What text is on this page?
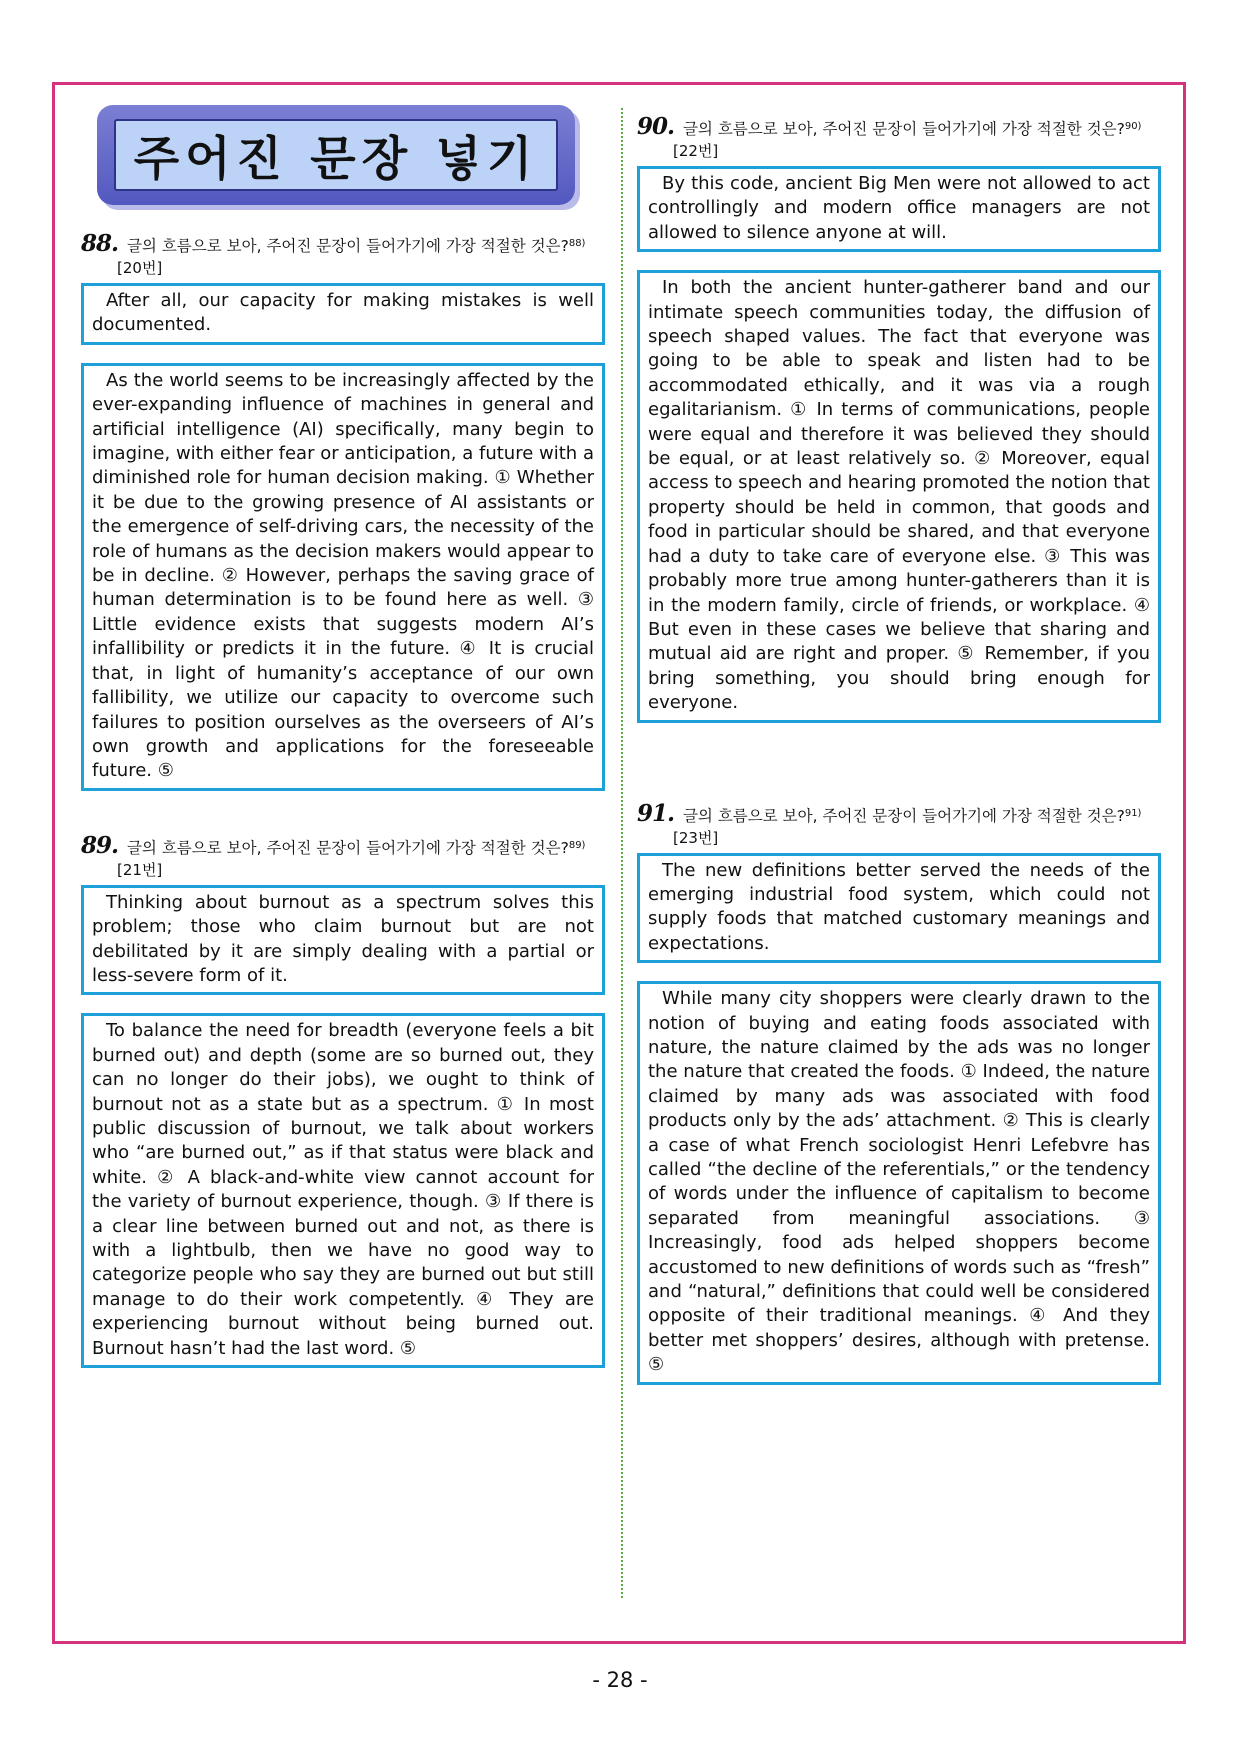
주어진 문장 넣기
88. 글의 흐름으로 보아, 주어진 문장이 들어가기에 가장 적절한 것은?$^{88)}$
[20번]
After all, our capacity for making mistakes is well documented.
As the world seems to be increasingly affected by the ever-expanding influence of machines in general and artificial intelligence (AI) specifically, many begin to imagine, with either fear or anticipation, a future with a diminished role for human decision making. ① Whether it be due to the growing presence of AI assistants or the emergence of self-driving cars, the necessity of the role of humans as the decision makers would appear to be in decline. ② However, perhaps the saving grace of human determination is to be found here as well. ③ Little evidence exists that suggests modern AI’s infallibility or predicts it in the future. ④ It is crucial that, in light of humanity’s acceptance of our own fallibility, we utilize our capacity to overcome such failures to position ourselves as the overseers of AI’s own growth and applications for the foreseeable future. ⑤
89. 글의 흐름으로 보아, 주어진 문장이 들어가기에 가장 적절한 것은?$^{89)}$
[21번]
Thinking about burnout as a spectrum solves this problem; those who claim burnout but are not debilitated by it are simply dealing with a partial or less-severe form of it.
To balance the need for breadth (everyone feels a bit burned out) and depth (some are so burned out, they can no longer do their jobs), we ought to think of burnout not as a state but as a spectrum. ① In most public discussion of burnout, we talk about workers who “are burned out,” as if that status were black and white. ② A black-and-white view cannot account for the variety of burnout experience, though. ③ If there is a clear line between burned out and not, as there is with a lightbulb, then we have no good way to categorize people who say they are burned out but still manage to do their work competently. ④ They are experiencing burnout without being burned out. Burnout hasn’t had the last word. ⑤
90. 글의 흐름으로 보아, 주어진 문장이 들어가기에 가장 적절한 것은?$^{90)}$[22번]
By this code, ancient Big Men were not allowed to act controllingly and modern office managers are not allowed to silence anyone at will.
In both the ancient hunter-gatherer band and our intimate speech communities today, the diffusion of speech shaped values. The fact that everyone was going to be able to speak and listen had to be accommodated ethically, and it was via a rough egalitarianism. ① In terms of communications, people were equal and therefore it was believed they should be equal, or at least relatively so. ② Moreover, equal access to speech and hearing promoted the notion that property should be held in common, that goods and food in particular should be shared, and that everyone had a duty to take care of everyone else. ③ This was probably more true among hunter-gatherers than it is in the modern family, circle of friends, or workplace. ④ But even in these cases we believe that sharing and mutual aid are right and proper. ⑤ Remember, if you bring something, you should bring enough for everyone.
91. 글의 흐름으로 보아, 주어진 문장이 들어가기에 가장 적절한 것은?$^{91)}$
[23번]
The new definitions better served the needs of the emerging industrial food system, which could not supply foods that matched customary meanings and expectations.
While many city shoppers were clearly drawn to the notion of buying and eating foods associated with nature, the nature claimed by the ads was no longer the nature that created the foods. ① Indeed, the nature claimed by many ads was associated with food products only by the ads’ attachment. ② This is clearly a case of what French sociologist Henri Lefebvre has called “the decline of the referentials,” or the tendency of words under the influence of capitalism to become separated from meaningful associations. ③ Increasingly, food ads helped shoppers become accustomed to new definitions of words such as “fresh” and “natural,” definitions that could well be considered opposite of their traditional meanings. ④ And they better met shoppers’ desires, although with pretense. ⑤
- 28 -
